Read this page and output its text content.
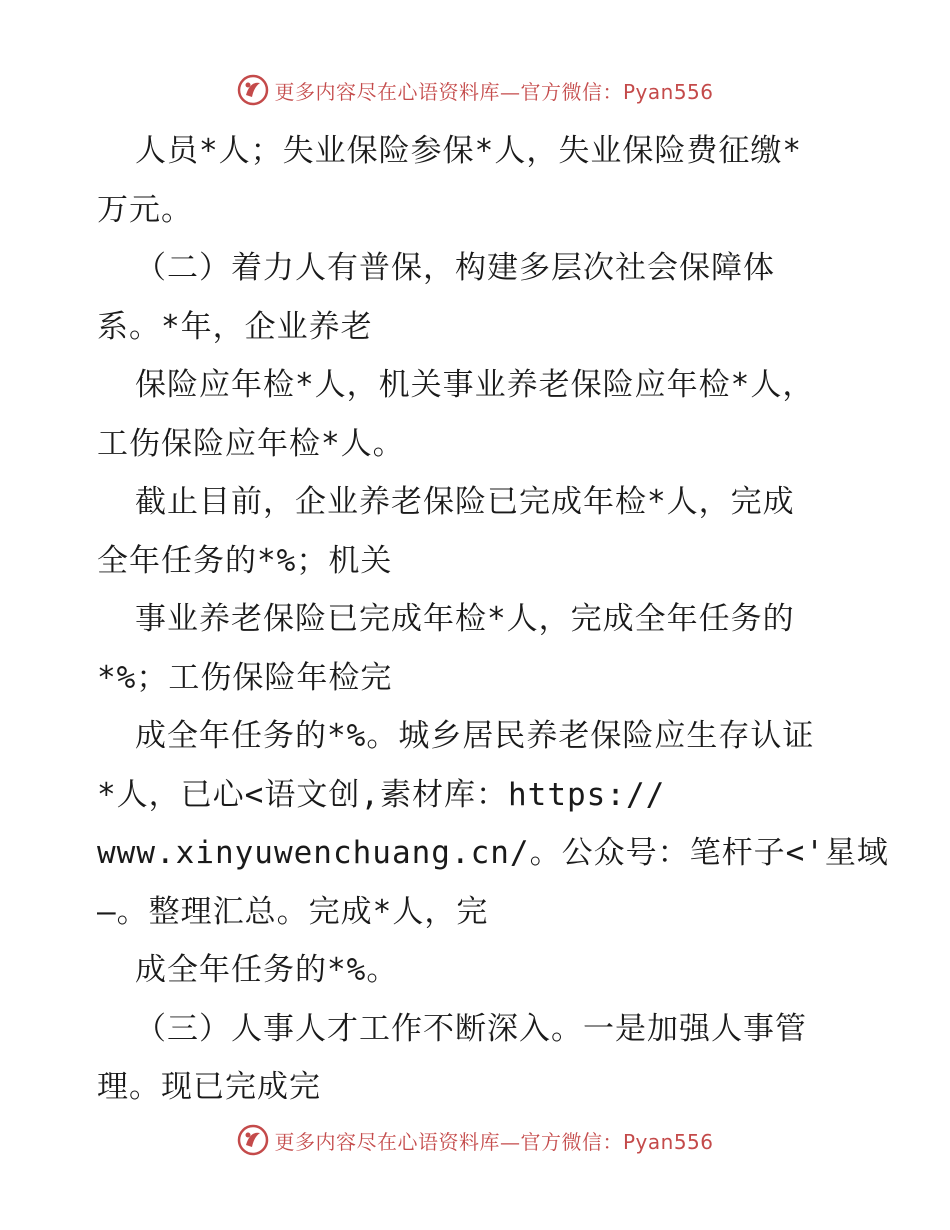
更多内容尽在心语资料库—官方微信：Pyan556
人员*人；失业保险参保*人，失业保险费征缴*
万元。
（二）着力人有普保，构建多层次社会保障体
系。*年，企业养老
保险应年检*人，机关事业养老保险应年检*人，
工伤保险应年检*人。
截止目前，企业养老保险已完成年检*人，完成
全年任务的*%；机关
事业养老保险已完成年检*人，完成全年任务的
*%；工伤保险年检完
成全年任务的*%。城乡居民养老保险应生存认证
*人，已心<语文创,素材库：https://
www.xinyuwenchuang.cn/。公众号：笔杆子<'星域
—。整理汇总。完成*人，完
成全年任务的*%。
（三）人事人才工作不断深入。一是加强人事管
理。现已完成完
更多内容尽在心语资料库—官方微信：Pyan556
